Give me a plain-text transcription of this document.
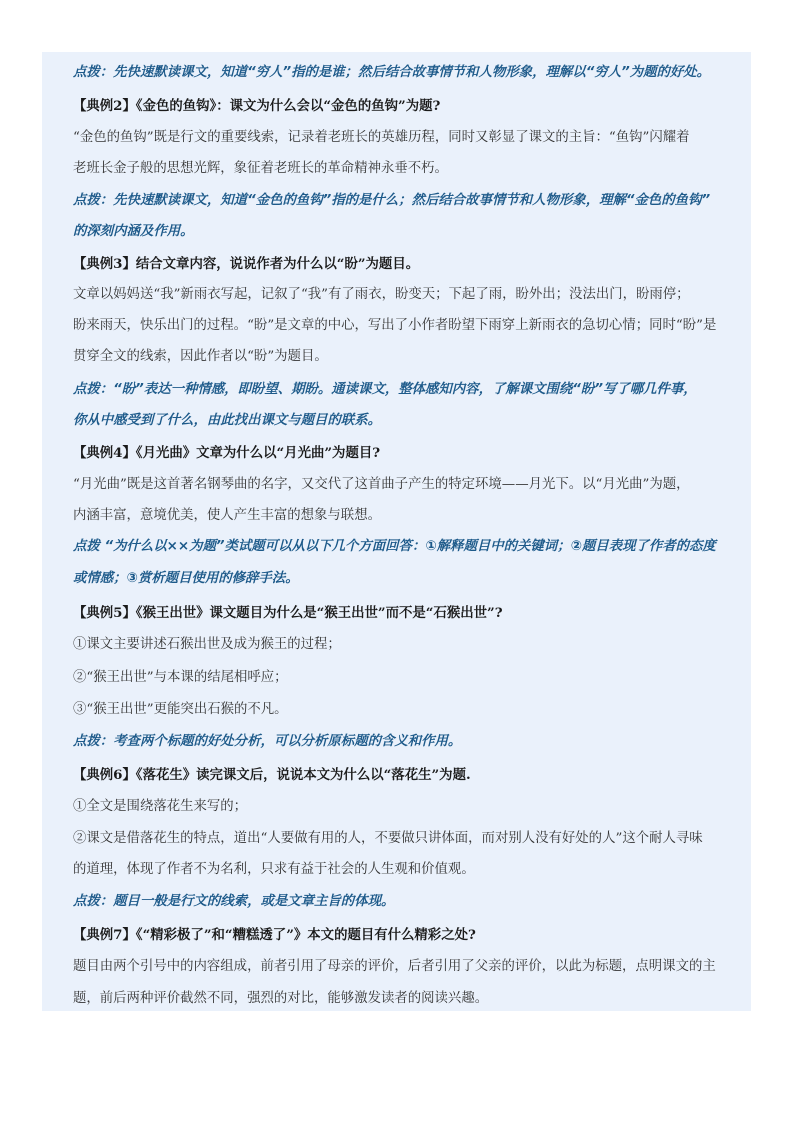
点拨：先快速默读课文，知道“穷人”指的是谁；然后结合故事情节和人物形象，理解以“穷人”为题的好处。
【典例2】《金色的鱼钩》：课文为什么会以“金色的鱼钩”为题?
“金色的鱼钩”既是行文的重要线索，记录着老班长的英雄历程，同时又彰显了课文的主旨：“鱼钩”闪耀着
老班长金子般的思想光辉，象征着老班长的革命精神永垂不朽。
点拨：先快速默读课文，知道“金色的鱼钩”指的是什么；然后结合故事情节和人物形象，理解“金色的鱼钩”
的深刻内涵及作用。
【典例3】结合文章内容，说说作者为什么以“盼”为题目。
文章以妈妈送“我”新雨衣写起，记叙了“我”有了雨衣，盼变天；下起了雨，盼外出；没法出门，盼雨停；
盼来雨天，快乐出门的过程。“盼”是文章的中心，写出了小作者盼望下雨穿上新雨衣的急切心情；同时“盼”是
贯穿全文的线索，因此作者以“盼”为题目。
点拨：“盼”表达一种情感，即盼望、期盼。通读课文，整体感知内容，了解课文围绕“盼”写了哪几件事，
你从中感受到了什么，由此找出课文与题目的联系。
【典例4】《月光曲》文章为什么以“月光曲”为题目?
“月光曲”既是这首著名钢琴曲的名字，又交代了这首曲子产生的特定环境——月光下。以“月光曲”为题，
内涵丰富，意境优美，使人产生丰富的想象与联想。
点拨 “为什么以××为题”类试题可以从以下几个方面回答：①解释题目中的关键词；②题目表现了作者的态度
或情感；③赏析题目使用的修辞手法。
【典例5】《猴王出世》课文题目为什么是“猴王出世”而不是“石猴出世”?
①课文主要讲述石猴出世及成为猴王的过程；
②“猴王出世”与本课的结尾相呼应；
③“猴王出世”更能突出石猴的不凡。
点拨：考查两个标题的好处分析，可以分析原标题的含义和作用。
【典例6】《落花生》读完课文后，说说本文为什么以“落花生”为题.
①全文是围绕落花生来写的；
②课文是借落花生的特点，道出“人要做有用的人，不要做只讲体面，而对别人没有好处的人”这个耐人寻味
的道理，体现了作者不为名利，只求有益于社会的人生观和价值观。
点拨：题目一般是行文的线索，或是文章主旨的体现。
【典例7】《“精彩极了”和“糟糕透了”》本文的题目有什么精彩之处?
题目由两个引号中的内容组成，前者引用了母亲的评价，后者引用了父亲的评价，以此为标题，点明课文的主
题，前后两种评价截然不同，强烈的对比，能够激发读者的阅读兴趣。
